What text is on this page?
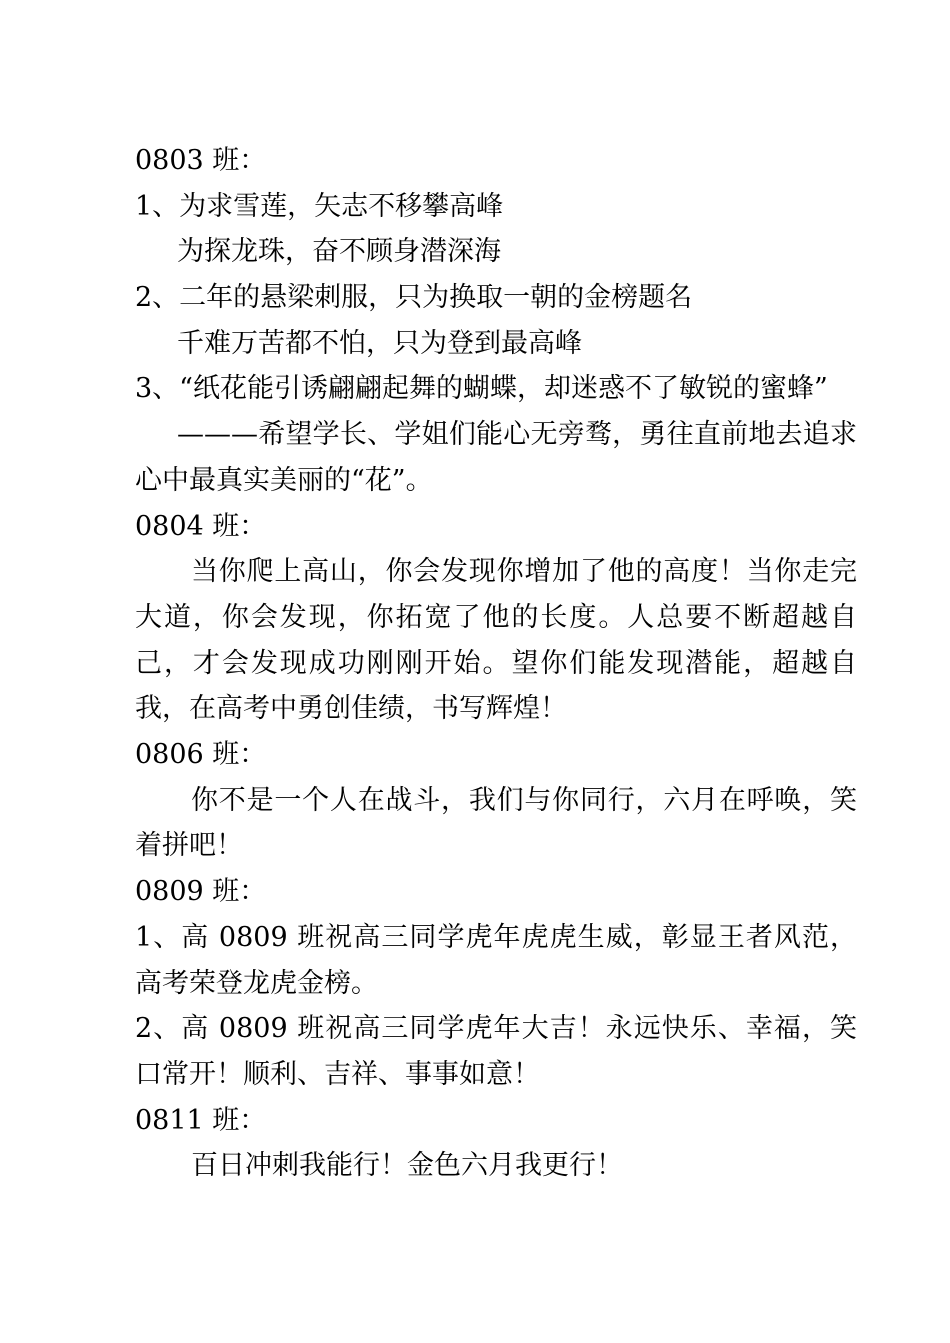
0803 班：
1、为求雪莲，矢志不移攀高峰
为探龙珠，奋不顾身潜深海
2、二年的悬梁刺服，只为换取一朝的金榜题名
千难万苦都不怕，只为登到最高峰
3、“纸花能引诱翩翩起舞的蝴蝶，却迷惑不了敏锐的蜜蜂”
———希望学长、学姐们能心无旁骛，勇往直前地去追求心中最真实美丽的“花”。
0804 班：
当你爬上高山，你会发现你增加了他的高度！当你走完大道，你会发现，你拓宽了他的长度。人总要不断超越自己，才会发现成功刚刚开始。望你们能发现潜能，超越自我，在高考中勇创佳绩，书写辉煌！
0806 班：
你不是一个人在战斗，我们与你同行，六月在呼唤，笑着拼吧！
0809 班：
1、高 0809 班祝高三同学虎年虎虎生威，彰显王者风范，高考荣登龙虎金榜。
2、高 0809 班祝高三同学虎年大吉！永远快乐、幸福，笑口常开！顺利、吉祥、事事如意！
0811 班：
百日冲刺我能行！金色六月我更行！
